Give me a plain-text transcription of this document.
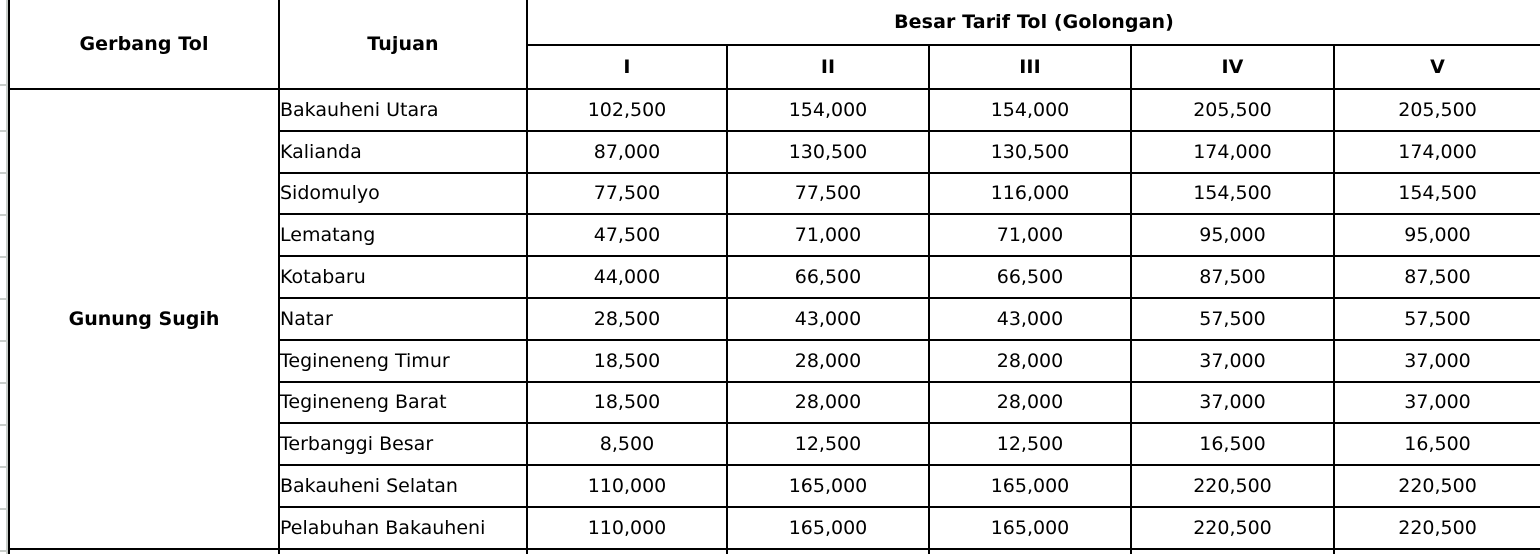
Gerbang Tol	Tujuan	Besar Tarif Tol (Golongan)				
		I	II	III	IV	V
Gunung Sugih	Bakauheni Utara	102,500	154,000	154,000	205,500	205,500
	Kalianda	87,000	130,500	130,500	174,000	174,000
	Sidomulyo	77,500	77,500	116,000	154,500	154,500
	Lematang	47,500	71,000	71,000	95,000	95,000
	Kotabaru	44,000	66,500	66,500	87,500	87,500
	Natar	28,500	43,000	43,000	57,500	57,500
	Tegineneng Timur	18,500	28,000	28,000	37,000	37,000
	Tegineneng Barat	18,500	28,000	28,000	37,000	37,000
	Terbanggi Besar	8,500	12,500	12,500	16,500	16,500
	Bakauheni Selatan	110,000	165,000	165,000	220,500	220,500
	Pelabuhan Bakauheni	110,000	165,000	165,000	220,500	220,500
